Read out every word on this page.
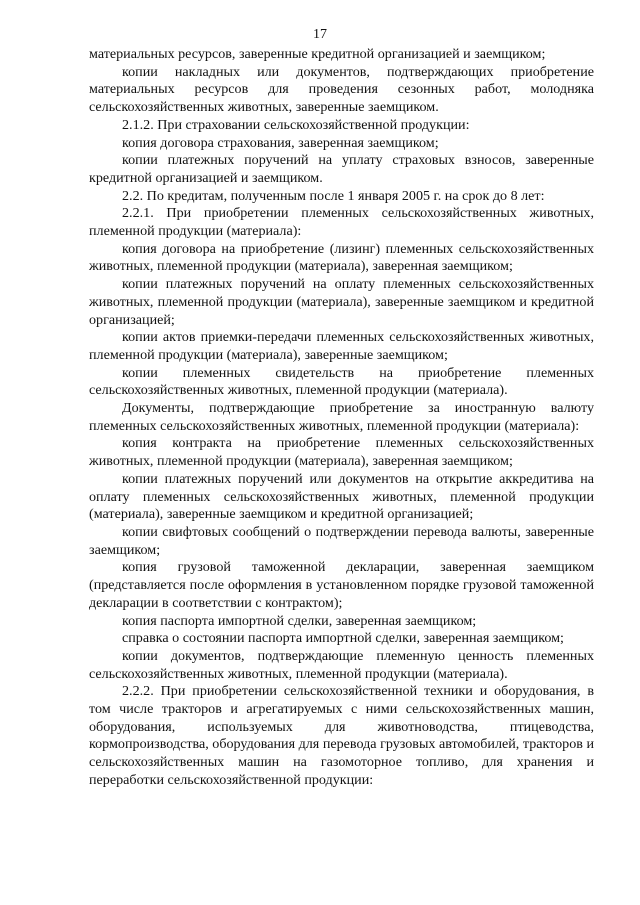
17

материальных ресурсов, заверенные кредитной организацией и заемщиком;

копии накладных или документов, подтверждающих приобретение материальных ресурсов для проведения сезонных работ, молодняка сельскохозяйственных животных, заверенные заемщиком.

2.1.2. При страховании сельскохозяйственной продукции:

копия договора страхования, заверенная заемщиком;

копии платежных поручений на уплату страховых взносов, заверенные кредитной организацией и заемщиком.

2.2. По кредитам, полученным после 1 января 2005 г. на срок до 8 лет:

2.2.1. При приобретении племенных сельскохозяйственных животных, племенной продукции (материала):

копия договора на приобретение (лизинг) племенных сельскохозяйственных животных, племенной продукции (материала), заверенная заемщиком;

копии платежных поручений на оплату племенных сельскохозяйственных животных, племенной продукции (материала), заверенные заемщиком и кредитной организацией;

копии актов приемки-передачи племенных сельскохозяйственных животных, племенной продукции (материала), заверенные заемщиком;

копии племенных свидетельств на приобретение племенных сельскохозяйственных животных, племенной продукции (материала).

Документы, подтверждающие приобретение за иностранную валюту племенных сельскохозяйственных животных, племенной продукции (материала):

копия контракта на приобретение племенных сельскохозяйственных животных, племенной продукции (материала), заверенная заемщиком;

копии платежных поручений или документов на открытие аккредитива на оплату племенных сельскохозяйственных животных, племенной продукции (материала), заверенные заемщиком и кредитной организацией;

копии свифтовых сообщений о подтверждении перевода валюты, заверенные заемщиком;

копия грузовой таможенной декларации, заверенная заемщиком (представляется после оформления в установленном порядке грузовой таможенной декларации в соответствии с контрактом);

копия паспорта импортной сделки, заверенная заемщиком;

справка о состоянии паспорта импортной сделки, заверенная заемщиком;

копии документов, подтверждающие племенную ценность племенных сельскохозяйственных животных, племенной продукции (материала).

2.2.2. При приобретении сельскохозяйственной техники и оборудования, в том числе тракторов и агрегатируемых с ними сельскохозяйственных машин, оборудования, используемых для животноводства, птицеводства, кормопроизводства, оборудования для перевода грузовых автомобилей, тракторов и сельскохозяйственных машин на газомоторное топливо, для хранения и переработки сельскохозяйственной продукции:
